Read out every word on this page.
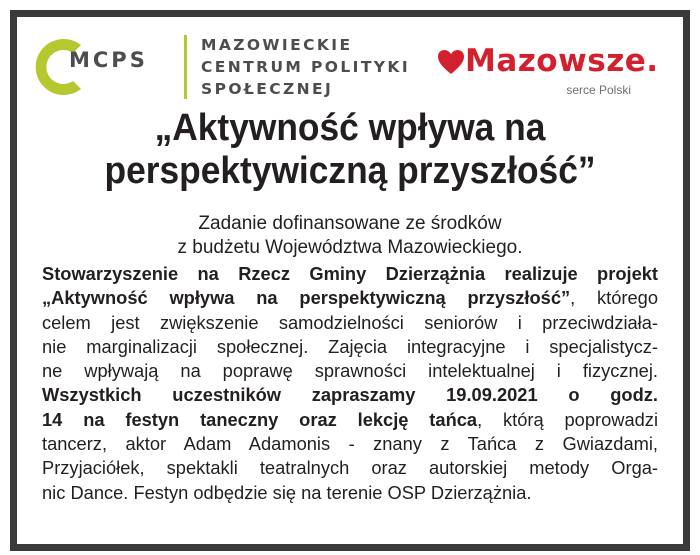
MCPS
MAZOWIECKIE
CENTRUM POLITYKI
SPOŁECZNEJ
Mazowsze.
serce Polski
„Aktywność wpływa na
perspektywiczną przyszłość”
Zadanie dofinansowane ze środków
z budżetu Województwa Mazowieckiego.
Stowarzyszenie na Rzecz Gminy Dzierzążnia realizuje projekt
„Aktywność wpływa na perspektywiczną przyszłość”, którego
celem jest zwiększenie samodzielności seniorów i przeciwdziała-
nie marginalizacji społecznej. Zajęcia integracyjne i specjalistycz-
ne wpływają na poprawę sprawności intelektualnej i fizycznej.
Wszystkich uczestników zapraszamy 19.09.2021 o godz.
14 na festyn taneczny oraz lekcję tańca, którą poprowadzi
tancerz, aktor Adam Adamonis - znany z Tańca z Gwiazdami,
Przyjaciółek, spektakli teatralnych oraz autorskiej metody Orga-
nic Dance. Festyn odbędzie się na terenie OSP Dzierzążnia.
